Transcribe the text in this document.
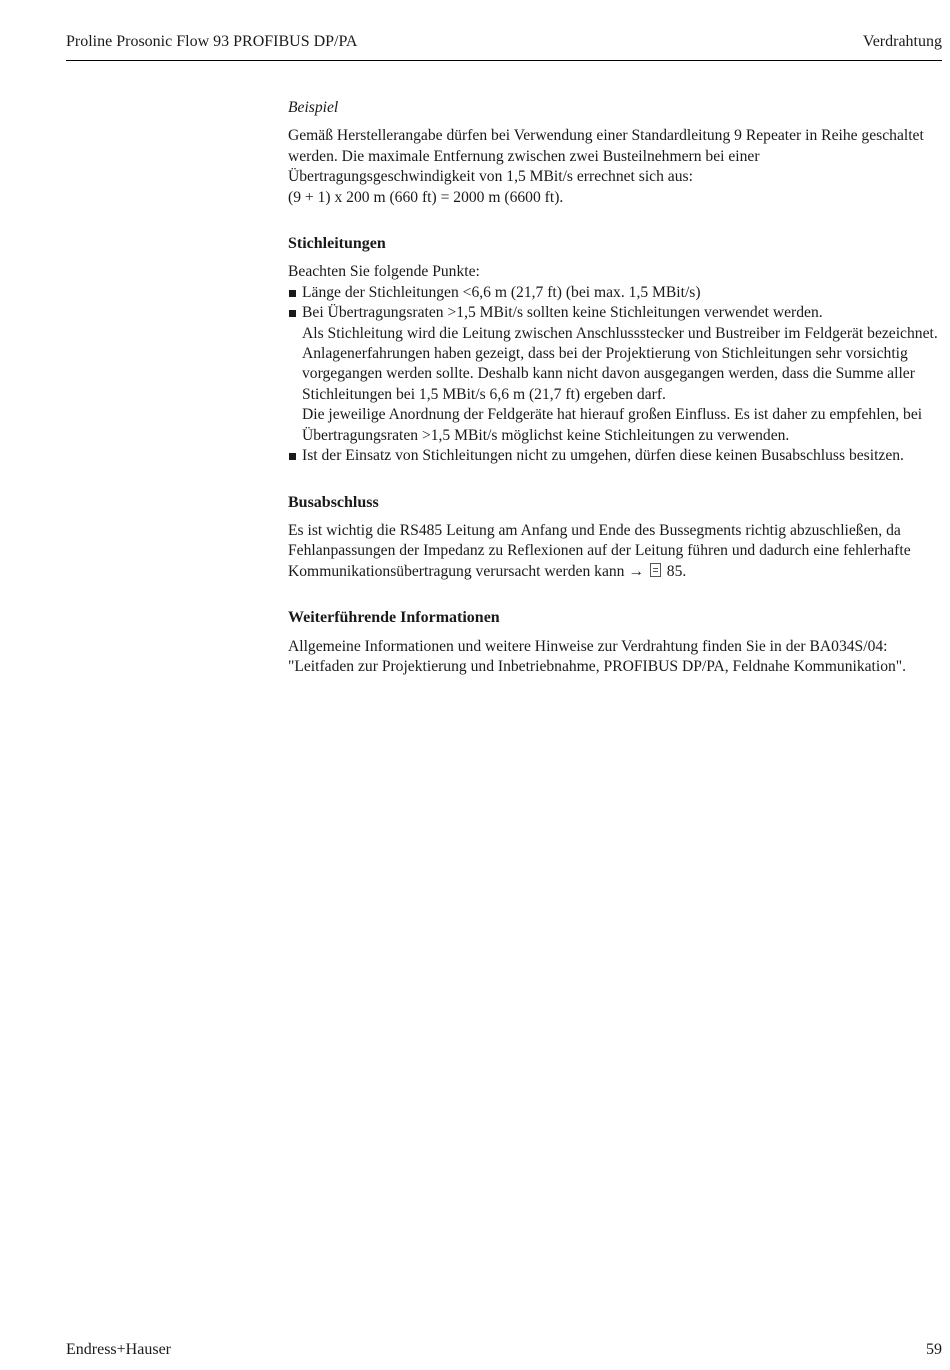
Proline Prosonic Flow 93 PROFIBUS DP/PA	Verdrahtung

Beispiel

Gemäß Herstellerangabe dürfen bei Verwendung einer Standardleitung 9 Repeater in Reihe geschaltet werden. Die maximale Entfernung zwischen zwei Busteilnehmern bei einer Übertragungsgeschwindigkeit von 1,5 MBit/s errechnet sich aus:

(9 + 1) x 200 m (660 ft) = 2000 m (6600 ft).

Stichleitungen

Beachten Sie folgende Punkte:

Länge der Stichleitungen <6,6 m (21,7 ft) (bei max. 1,5 MBit/s)
Bei Übertragungsraten >1,5 MBit/s sollten keine Stichleitungen verwendet werden.

Als Stichleitung wird die Leitung zwischen Anschlussstecker und Bustreiber im Feldgerät bezeichnet. Anlagenerfahrungen haben gezeigt, dass bei der Projektierung von Stichleitungen sehr vorsichtig vorgegangen werden sollte. Deshalb kann nicht davon ausgegangen werden, dass die Summe aller Stichleitungen bei 1,5 MBit/s 6,6 m (21,7 ft) ergeben darf.

Die jeweilige Anordnung der Feldgeräte hat hierauf großen Einfluss. Es ist daher zu empfehlen, bei Übertragungsraten >1,5 MBit/s möglichst keine Stichleitungen zu verwenden.

Ist der Einsatz von Stichleitungen nicht zu umgehen, dürfen diese keinen Busabschluss besitzen.

Busabschluss

Es ist wichtig die RS485 Leitung am Anfang und Ende des Bussegments richtig abzuschließen, da Fehlanpassungen der Impedanz zu Reflexionen auf der Leitung führen und dadurch eine fehlerhafte Kommunikationsübertragung verursacht werden kann → 85.

Weiterführende Informationen

Allgemeine Informationen und weitere Hinweise zur Verdrahtung finden Sie in der BA034S/04:

"Leitfaden zur Projektierung und Inbetriebnahme, PROFIBUS DP/PA, Feldnahe Kommunikation".

Endress+Hauser	59
